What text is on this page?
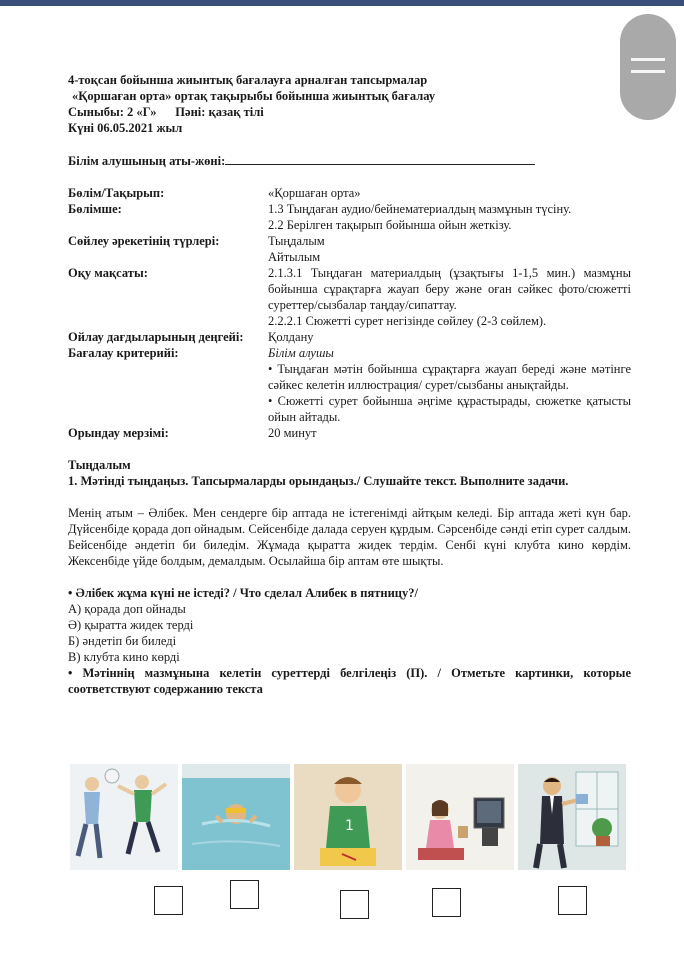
4-тоқсан бойынша жиынтық бағалауға арналған тапсырмалар
«Қоршаған орта» ортақ тақырыбы бойынша жиынтық бағалау
Сыныбы: 2 «Г»      Пәні: қазақ тілі
Күні 06.05.2021 жыл
Білім алушының аты-жөні:
Бөлім/Тақырып:	«Қоршаған орта»
Бөлімше:	1.3 Тыңдаған аудио/бейнематериалдың мазмұнын түсіну.
2.2 Берілген тақырып бойынша ойын жеткізу.
Сөйлеу әрекетінің түрлері:	Тыңдалым
Айтылым
Оқу мақсаты:	2.1.3.1 Тыңдаған материалдың (ұзақтығы 1-1,5 мин.) мазмұны бойынша сұрақтарға жауап беру және оған сәйкес фото/сюжетті суреттер/сызбалар таңдау/сипаттау.
2.2.2.1 Сюжетті сурет негізінде сөйлеу (2-3 сөйлем).
Ойлау дағдыларының деңгейі:	Қолдану
Бағалау критерийі:	Білім алушы
• Тыңдаған мәтін бойынша сұрақтарға жауап береді және мәтінге сәйкес келетін иллюстрация/ сурет/сызбаны анықтайды.
• Сюжетті сурет бойынша әңгіме құрастырады, сюжетке қатысты ойын айтады.
Орындау мерзімі:	20 минут
Тыңдалым
1. Мәтінді тыңдаңыз. Тапсырмаларды орындаңыз./ Слушайте текст. Выполните задачи.
Менің атым – Әлібек. Мен сендерге бір аптада не істегенімді айтқым келеді. Бір аптада жеті күн бар. Дүйсенбіде қорада доп ойнадым. Сейсенбіде далада серуен құрдым. Сәрсенбіде сәнді етіп сурет салдым. Бейсенбіде әндетіп би биледім. Жұмада қыратта жидек тердім. Сенбі күні клубта кино көрдім. Жексенбіде үйде болдым, демалдым. Осылайша бір аптам өте шықты.
• Әлібек жұма күні не істеді? / Что сделал Алибек в пятницу?/
А) қорада доп ойнады
Ә) қыратта жидек терді
Б) әндетіп би биледі
В) клубта кино көрді
• Мәтіннің мазмұнына келетін суреттерді белгілеңіз (П). / Отметьте картинки, которые соответствуют содержанию текста
1
